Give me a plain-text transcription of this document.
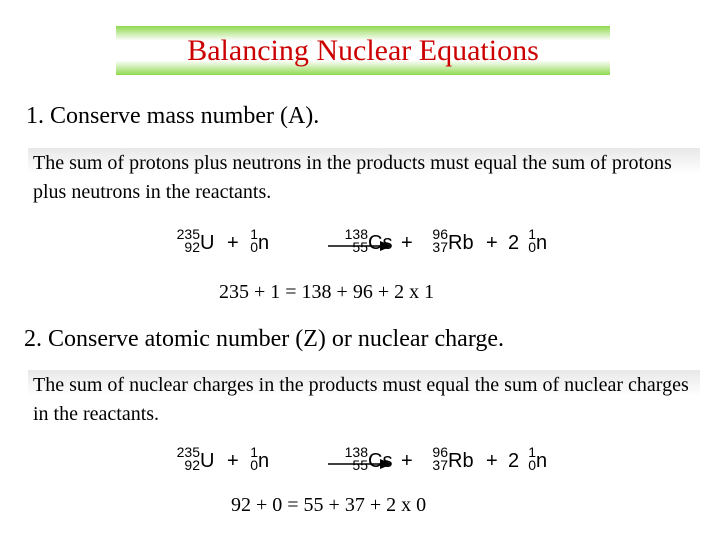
Balancing Nuclear Equations
1. Conserve mass number (A).
The sum of protons plus neutrons in the products must equal the sum of protons plus neutrons in the reactants.
235
92 U + 1
0 n	138
55 Cs + 96
37 Rb + 2 1
0 n
235 + 1 = 138 + 96 + 2 x 1
2. Conserve atomic number (Z) or nuclear charge.
The sum of nuclear charges in the products must equal the sum of nuclear charges in the reactants.
235
92 U + 1
0 n	138
55 Cs + 96
37 Rb + 2 1
0 n
92 + 0 = 55 + 37 + 2 x 0
